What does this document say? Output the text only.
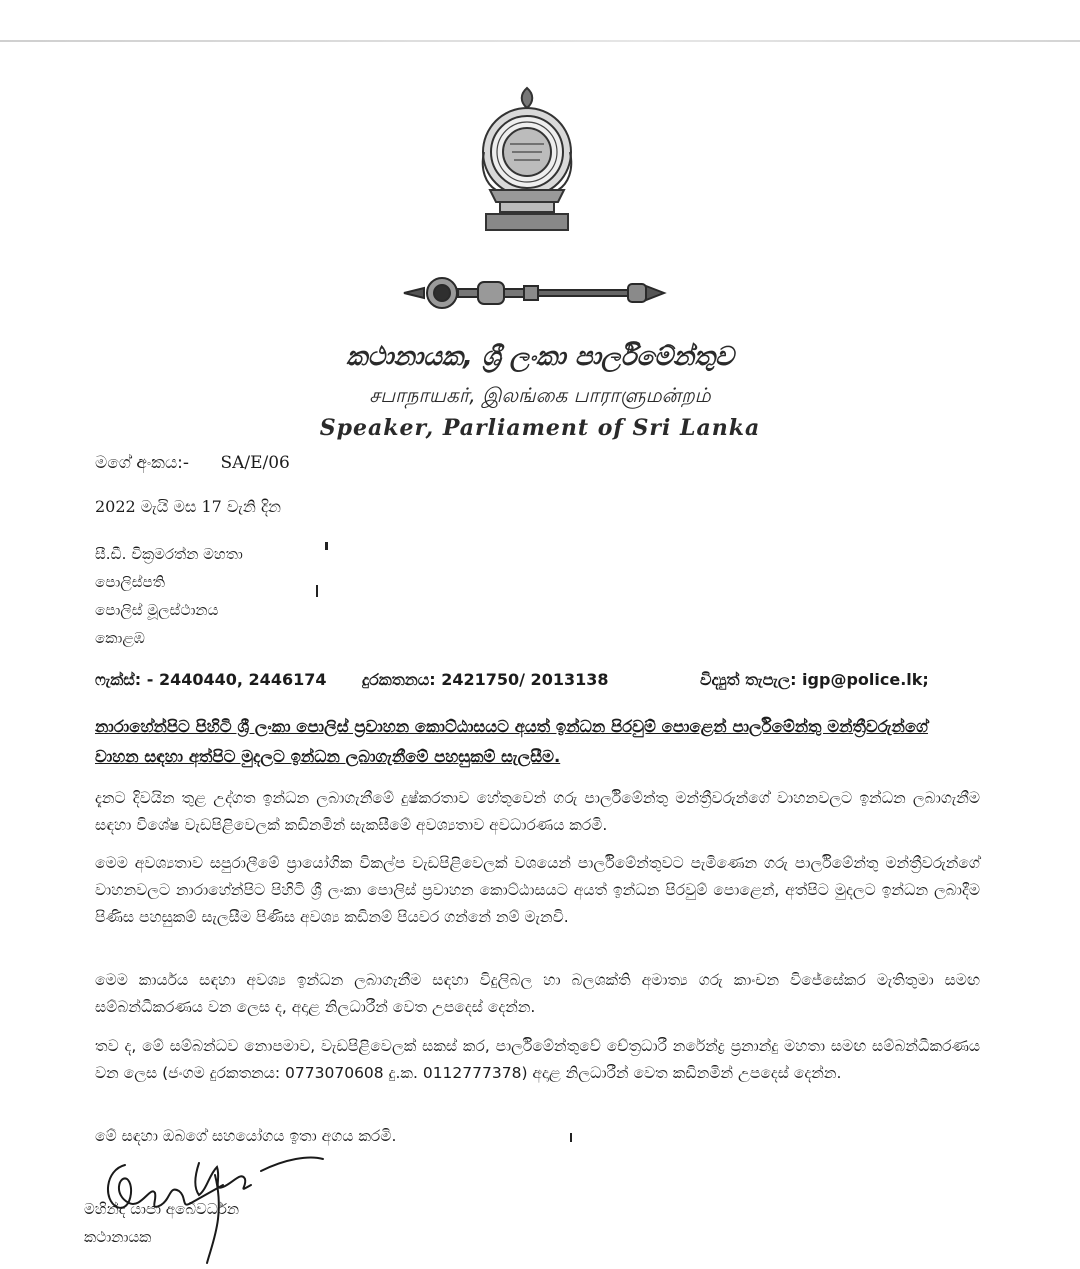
කථානායක, ශ්‍රී ලංකා පාර්ලිමේන්තුව
சபாநாயகர், இலங்கை பாராளுமன்றம்
Speaker, Parliament of Sri Lanka
මගේ අංකය:- SA/E/06
2022 මැයි මස 17 වැනි දින
සී.ඩී. වික්‍රමරත්න මහතා
පොලිස්පති
පොලිස් මූලස්ථානය
කොළඹ
ෆැක්ස්: - 2440440, 2446174 දුරකතනය: 2421750/ 2013138	විද්‍යුත් තැපැල: igp@police.lk;
නාරාහේන්පිට පිහිටි ශ්‍රී ලංකා පොලිස් ප්‍රවාහන කොට්ඨාසයට අයත් ඉන්ධන පිරවුම් පොළෙන් පාර්ලිමේන්තු මන්ත්‍රීවරුන්ගේ වාහන සඳහා අත්පිට මුදලට ඉන්ධන ලබාගැනීමේ පහසුකම් සැලසීම.

දැනට දිවයින තුළ උද්ගත ඉන්ධන ලබාගැනීමේ දුෂ්කරතාව හේතුවෙන් ගරු පාර්ලිමේන්තු මන්ත්‍රීවරුන්ගේ වාහනවලට ඉන්ධන ලබාගැනීම සඳහා විශේෂ වැඩපිළිවෙලක් කඩිනමින් සැකසීමේ අවශ්‍යතාව අවධාරණය කරමි.

මෙම අවශ්‍යතාව සපුරාලීමේ ප්‍රායෝගික විකල්ප වැඩපිළිවෙලක් වශයෙන් පාර්ලිමේන්තුවට පැමිණෙන ගරු පාර්ලිමේන්තු මන්ත්‍රීවරුන්ගේ වාහනවලට නාරාහේන්පිට පිහිටි ශ්‍රී ලංකා පොලිස් ප්‍රවාහන කොට්ඨාසයට අයත් ඉන්ධන පිරවුම් පොළෙන්, අත්පිට මුදලට ඉන්ධන ලබාදීම පිණිස පහසුකම් සැලසීම පිණිස අවශ්‍ය කඩිනම් පියවර ගන්නේ නම් මැනවි.

මෙම කාර්යය සඳහා අවශ්‍ය ඉන්ධන ලබාගැනීම සඳහා විදුලිබල හා බලශක්ති අමාත්‍ය ගරු කාංචන විජේසේකර මැතිතුමා සමඟ සම්බන්ධීකරණය වන ලෙස ද, අදාළ නිලධාරීන් වෙත උපදෙස් දෙන්න.

තව ද, මේ සම්බන්ධව නොපමාව, වැඩපිළිවෙලක් සකස් කර, පාර්ලිමේන්තුවේ චේත්‍රධාරී නරේන්ද්‍ර ප්‍රනාන්දු මහතා සමඟ සම්බන්ධීකරණය වන ලෙස (ජංගම දුරකතනය: 0773070608 දු.ක. 0112777378) අදාළ නිලධාරීන් වෙත කඩිනමින් උපදෙස් දෙන්න.

මේ සඳහා ඔබගේ සහයෝගය ඉතා අගය කරමි.

මහින්ද යාපා අබේවර්ධන
කථානායක
